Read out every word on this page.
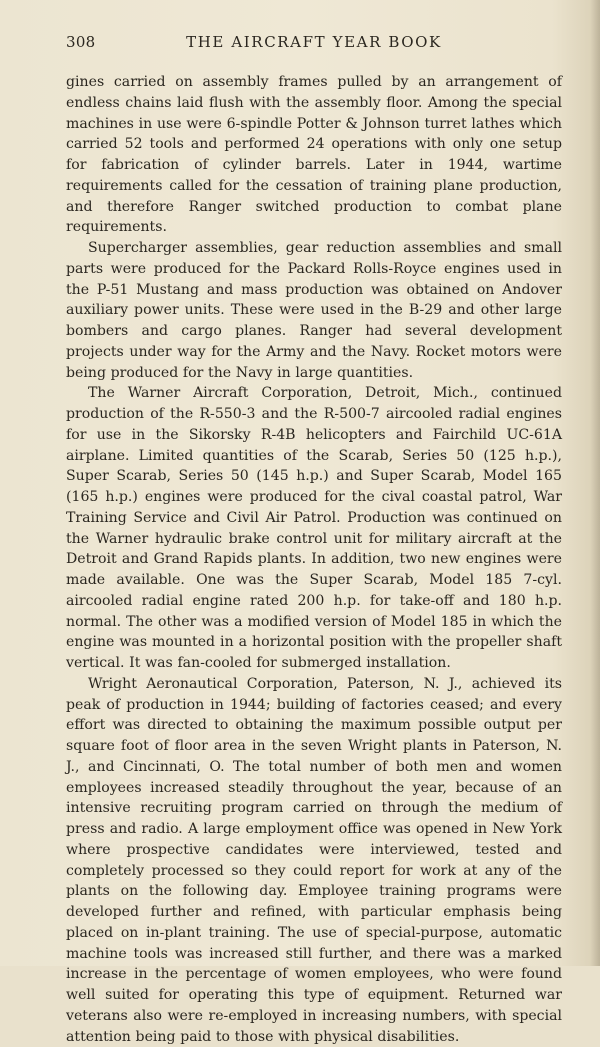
308	THE AIRCRAFT YEAR BOOK

gines carried on assembly frames pulled by an arrangement of endless chains laid flush with the assembly floor. Among the special machines in use were 6-spindle Potter & Johnson turret lathes which carried 52 tools and performed 24 operations with only one setup for fabrication of cylinder barrels. Later in 1944, wartime requirements called for the cessation of training plane production, and therefore Ranger switched production to combat plane requirements.

Supercharger assemblies, gear reduction assemblies and small parts were produced for the Packard Rolls-Royce engines used in the P-51 Mustang and mass production was obtained on Andover auxiliary power units. These were used in the B-29 and other large bombers and cargo planes. Ranger had several development projects under way for the Army and the Navy. Rocket motors were being produced for the Navy in large quantities.

The Warner Aircraft Corporation, Detroit, Mich., continued production of the R-550-3 and the R-500-7 aircooled radial engines for use in the Sikorsky R-4B helicopters and Fairchild UC-61A airplane. Limited quantities of the Scarab, Series 50 (125 h.p.), Super Scarab, Series 50 (145 h.p.) and Super Scarab, Model 165 (165 h.p.) engines were produced for the cival coastal patrol, War Training Service and Civil Air Patrol. Production was continued on the Warner hydraulic brake control unit for military aircraft at the Detroit and Grand Rapids plants. In addition, two new engines were made available. One was the Super Scarab, Model 185 7-cyl. aircooled radial engine rated 200 h.p. for take-off and 180 h.p. normal. The other was a modified version of Model 185 in which the engine was mounted in a horizontal position with the propeller shaft vertical. It was fan-cooled for submerged installation.

Wright Aeronautical Corporation, Paterson, N. J., achieved its peak of production in 1944; building of factories ceased; and every effort was directed to obtaining the maximum possible output per square foot of floor area in the seven Wright plants in Paterson, N. J., and Cincinnati, O. The total number of both men and women employees increased steadily throughout the year, because of an intensive recruiting program carried on through the medium of press and radio. A large employment office was opened in New York where prospective candidates were interviewed, tested and completely processed so they could report for work at any of the plants on the following day. Employee training programs were developed further and refined, with particular emphasis being placed on in-plant training. The use of special-purpose, automatic machine tools was increased still further, and there was a marked increase in the percentage of women employees, who were found well suited for operating this type of equipment. Returned war veterans also were re-employed in increasing numbers, with special attention being paid to those with physical disabilities.
